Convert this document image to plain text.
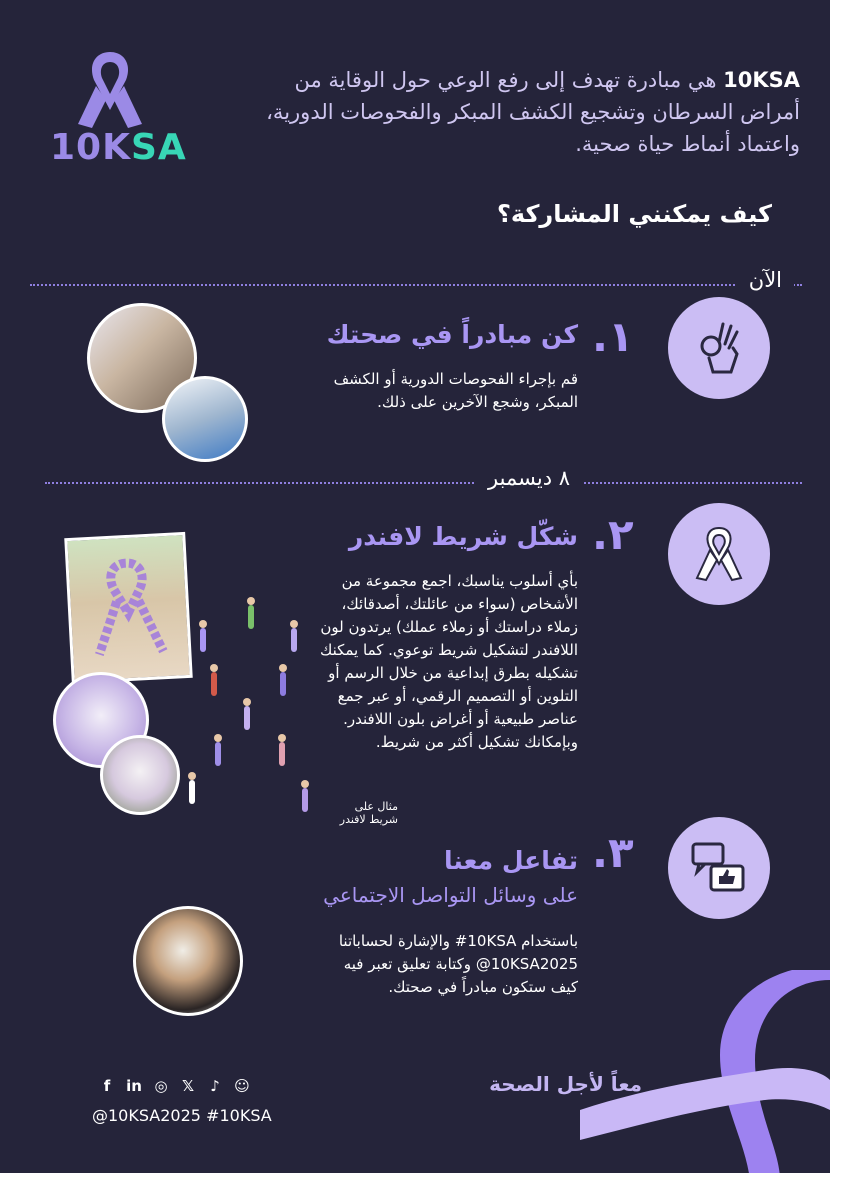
10KSA
10KSA هي مبادرة تهدف إلى رفع الوعي حول الوقاية من أمراض السرطان وتشجيع الكشف المبكر والفحوصات الدورية، واعتماد أنماط حياة صحية.
كيف يمكنني المشاركة؟
الآن
.١
كن مبادراً في صحتك
قم بإجراء الفحوصات الدورية أو الكشف المبكر، وشجع الآخرين على ذلك.
٨ ديسمبر
.٢
شكّل شريط لافندر
بأي أسلوب يناسبك، اجمع مجموعة من الأشخاص (سواء من عائلتك، أصدقائك، زملاء دراستك أو زملاء عملك) يرتدون لون اللافندر لتشكيل شريط توعوي. كما يمكنك تشكيله بطرق إبداعية من خلال الرسم أو التلوين أو التصميم الرقمي، أو عبر جمع عناصر طبيعية أو أغراض بلون اللافندر. وبإمكانك تشكيل أكثر من شريط.
مثال على شريط لافندر
.٣
تفاعل معنا
على وسائل التواصل الاجتماعي
باستخدام 10KSA# والإشارة لحساباتنا 10KSA2025@ وكتابة تعليق تعبر فيه كيف ستكون مبادراً في صحتك.
معاً لأجل الصحة
f in ◎ 𝕏 ♪ ☺
@10KSA2025 #10KSA
